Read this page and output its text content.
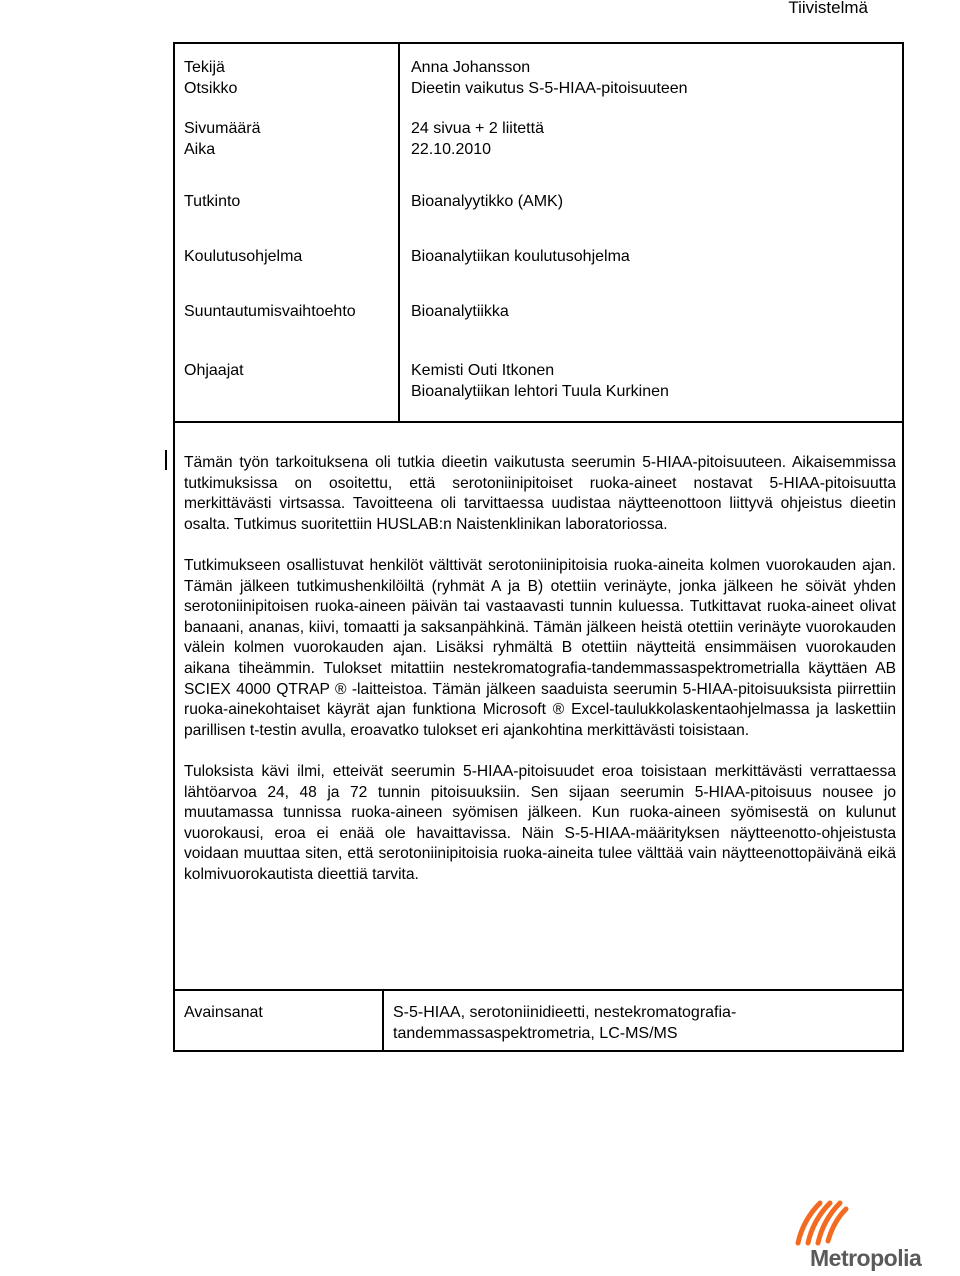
Tiivistelmä
Tekijä	Anna Johansson
Otsikko	Dieetin vaikutus S-5-HIAA-pitoisuuteen
Sivumäärä	24 sivua + 2 liitettä
Aika	22.10.2010
Tutkinto	Bioanalyytikko (AMK)
Koulutusohjelma	Bioanalytiikan koulutusohjelma
Suuntautumisvaihtoehto	Bioanalytiikka
Ohjaajat	Kemisti Outi Itkonen
Bioanalytiikan lehtori Tuula Kurkinen

Tämän työn tarkoituksena oli tutkia dieetin vaikutusta seerumin 5-HIAA-pitoisuuteen. Aikaisemmissa tutkimuksissa on osoitettu, että serotoniinipitoiset ruoka-aineet nostavat 5-HIAA-pitoisuutta merkittävästi virtsassa. Tavoitteena oli tarvittaessa uudistaa näytteenottoon liittyvä ohjeistus dieetin osalta. Tutkimus suoritettiin HUSLAB:n Naistenklinikan laboratoriossa.

Tutkimukseen osallistuvat henkilöt välttivät serotoniinipitoisia ruoka-aineita kolmen vuorokauden ajan. Tämän jälkeen tutkimushenkilöiltä (ryhmät A ja B) otettiin verinäyte, jonka jälkeen he söivät yhden serotoniinipitoisen ruoka-aineen päivän tai vastaavasti tunnin kuluessa. Tutkittavat ruoka-aineet olivat banaani, ananas, kiivi, tomaatti ja saksanpähkinä. Tämän jälkeen heistä otettiin verinäyte vuorokauden välein kolmen vuorokauden ajan. Lisäksi ryhmältä B otettiin näytteitä ensimmäisen vuorokauden aikana tiheämmin. Tulokset mitattiin nestekromatografia-tandemmassaspektrometrialla käyttäen AB SCIEX 4000 QTRAP ® -laitteistoa. Tämän jälkeen saaduista seerumin 5-HIAA-pitoisuuksista piirrettiin ruoka-ainekohtaiset käyrät ajan funktiona Microsoft ® Excel-taulukkolaskentaohjelmassa ja laskettiin parillisen t-testin avulla, eroavatko tulokset eri ajankohtina merkittävästi toisistaan.

Tuloksista kävi ilmi, etteivät seerumin 5-HIAA-pitoisuudet eroa toisistaan merkittävästi verrattaessa lähtöarvoa 24, 48 ja 72 tunnin pitoisuuksiin. Sen sijaan seerumin 5-HIAA-pitoisuus nousee jo muutamassa tunnissa ruoka-aineen syömisen jälkeen. Kun ruoka-aineen syömisestä on kulunut vuorokausi, eroa ei enää ole havaittavissa. Näin S-5-HIAA-määrityksen näytteenotto-ohjeistusta voidaan muuttaa siten, että serotoniinipitoisia ruoka-aineita tulee välttää vain näytteenottopäivänä eikä kolmivuorokautista dieettiä tarvita.

Avainsanat	S-5-HIAA, serotoniinidieetti, nestekromatografia-
tandemmassaspektrometria, LC-MS/MS
Metropolia
